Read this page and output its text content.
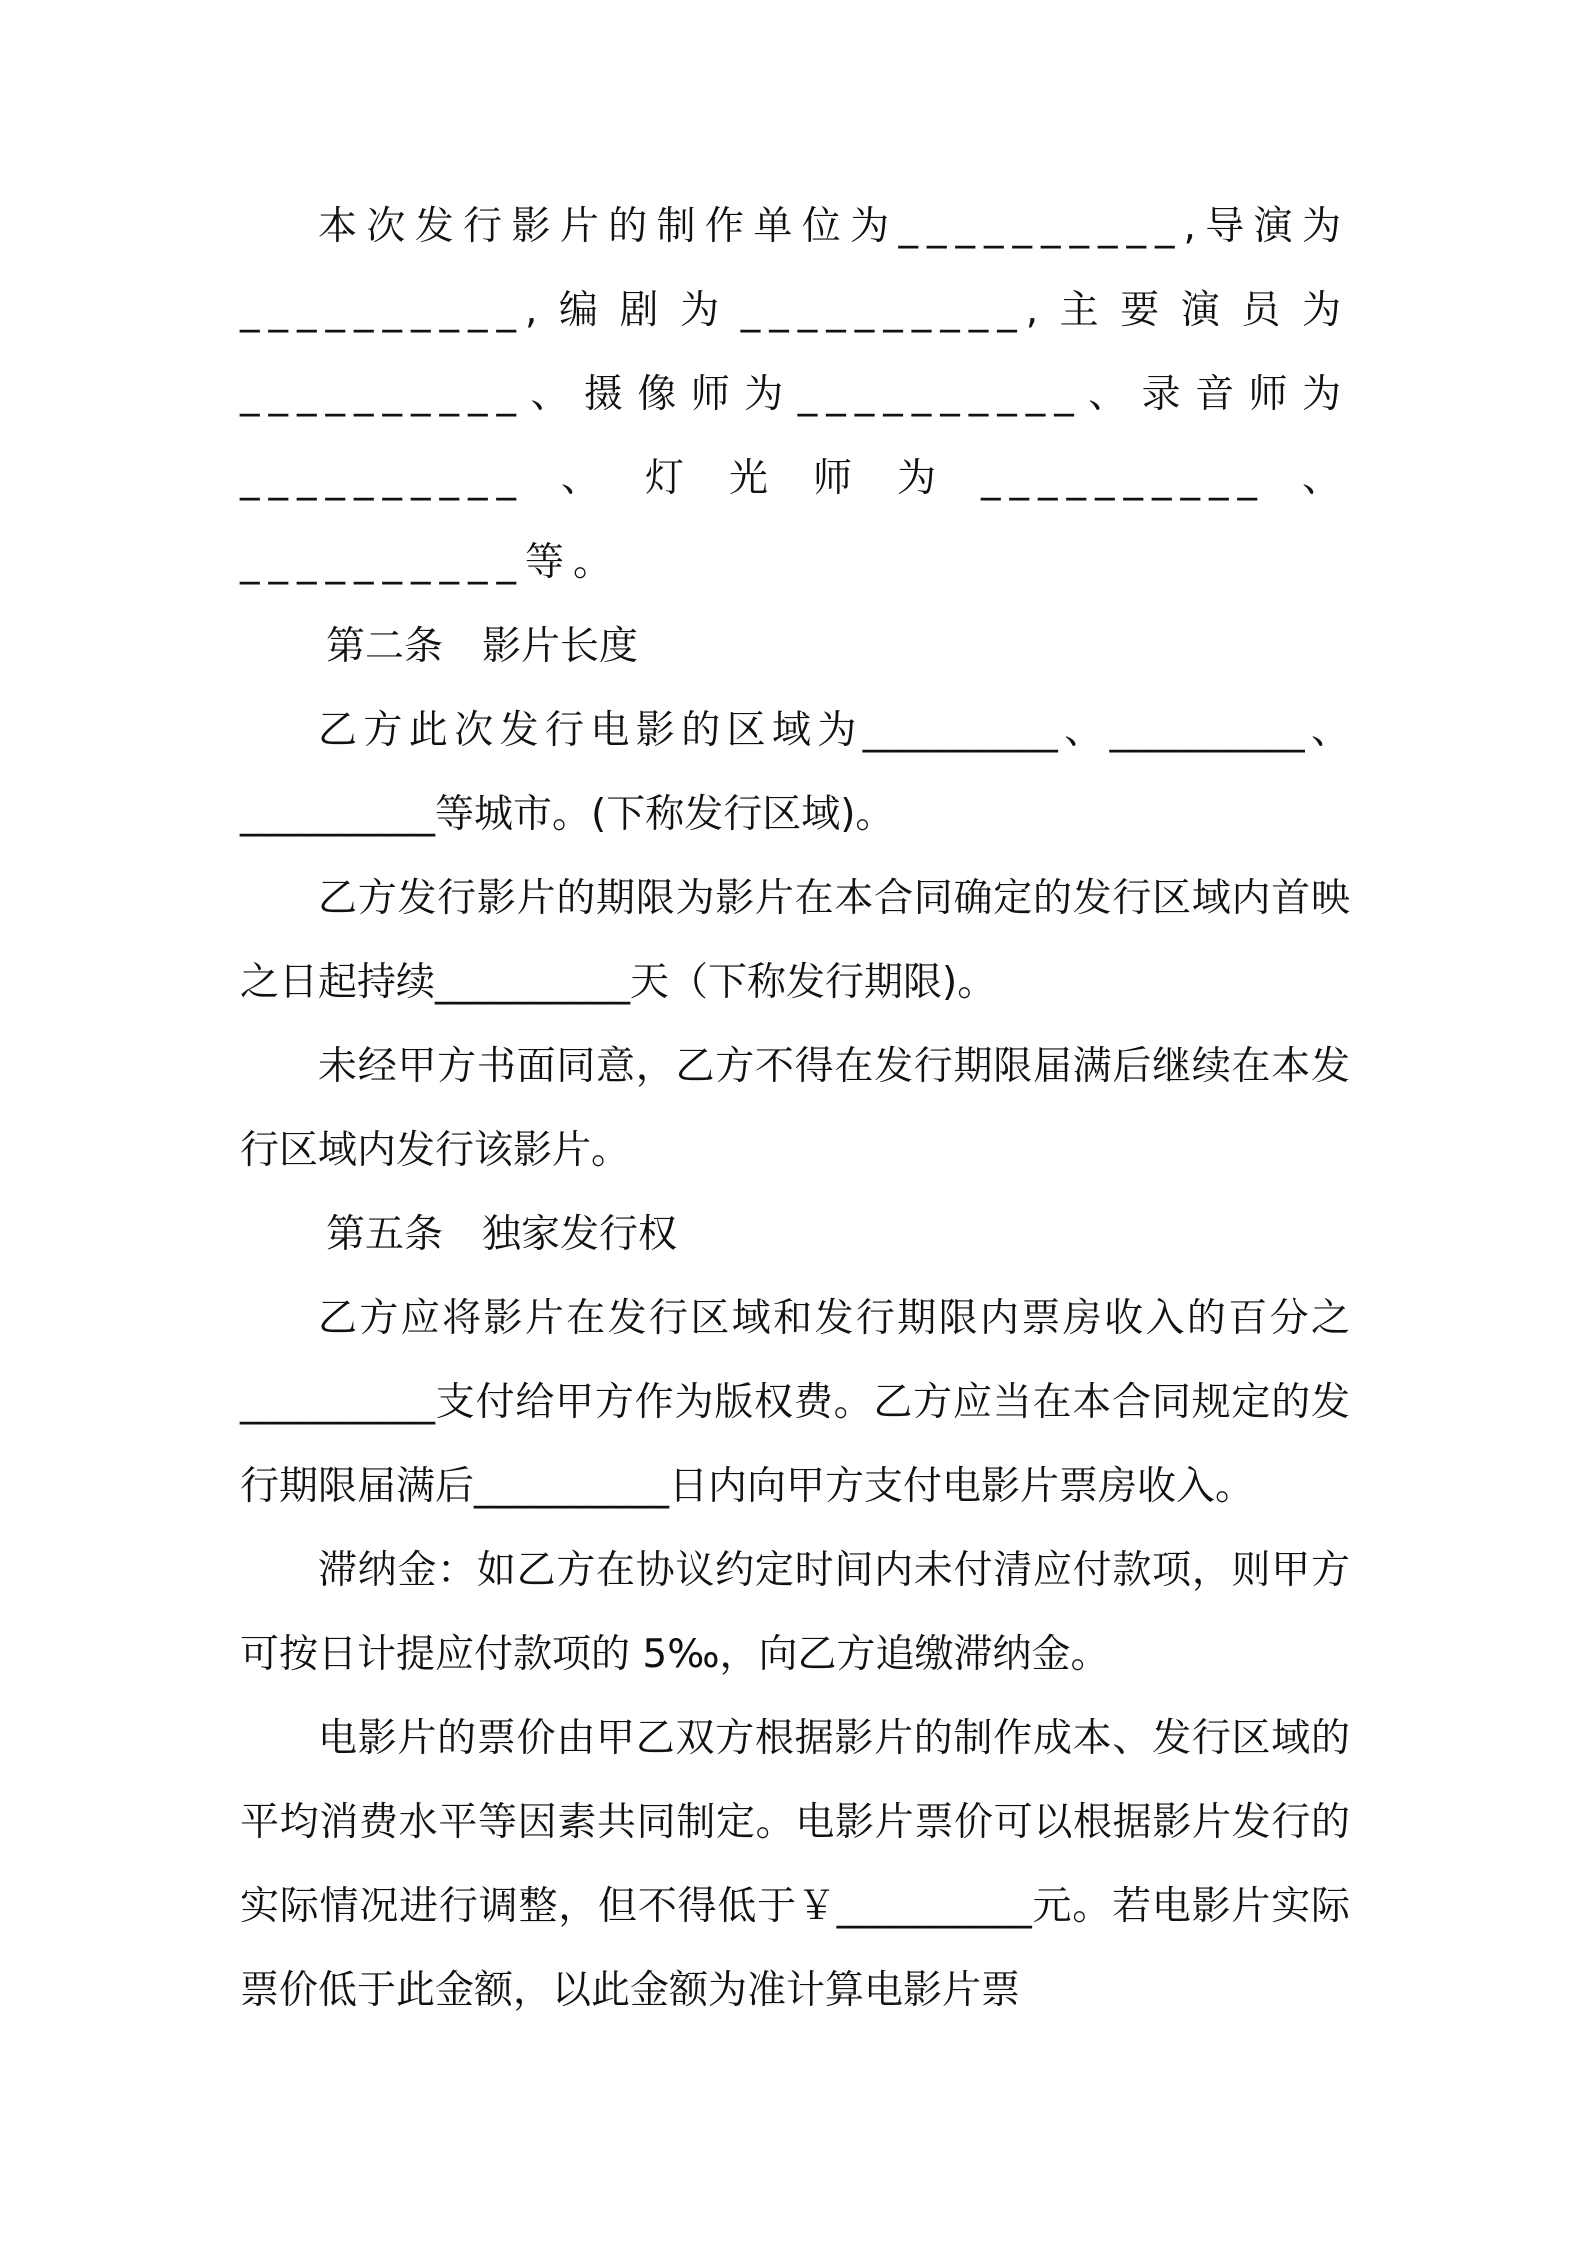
本次发行影片的制作单位为__________,导演为__________,编剧为__________,主要演员为__________、摄像师为__________、录音师为__________、灯光师为__________、__________等。

第二条　影片长度

乙方此次发行电影的区域为__________、__________、__________等城市。(下称发行区域)。

乙方发行影片的期限为影片在本合同确定的发行区域内首映之日起持续__________天（下称发行期限)。

未经甲方书面同意，乙方不得在发行期限届满后继续在本发行区域内发行该影片。

第五条　独家发行权

乙方应将影片在发行区域和发行期限内票房收入的百分之__________支付给甲方作为版权费。乙方应当在本合同规定的发行期限届满后__________日内向甲方支付电影片票房收入。

滞纳金：如乙方在协议约定时间内未付清应付款项，则甲方可按日计提应付款项的 5‰，向乙方追缴滞纳金。

电影片的票价由甲乙双方根据影片的制作成本、发行区域的平均消费水平等因素共同制定。电影片票价可以根据影片发行的实际情况进行调整，但不得低于￥__________元。若电影片实际票价低于此金额，以此金额为准计算电影片票
